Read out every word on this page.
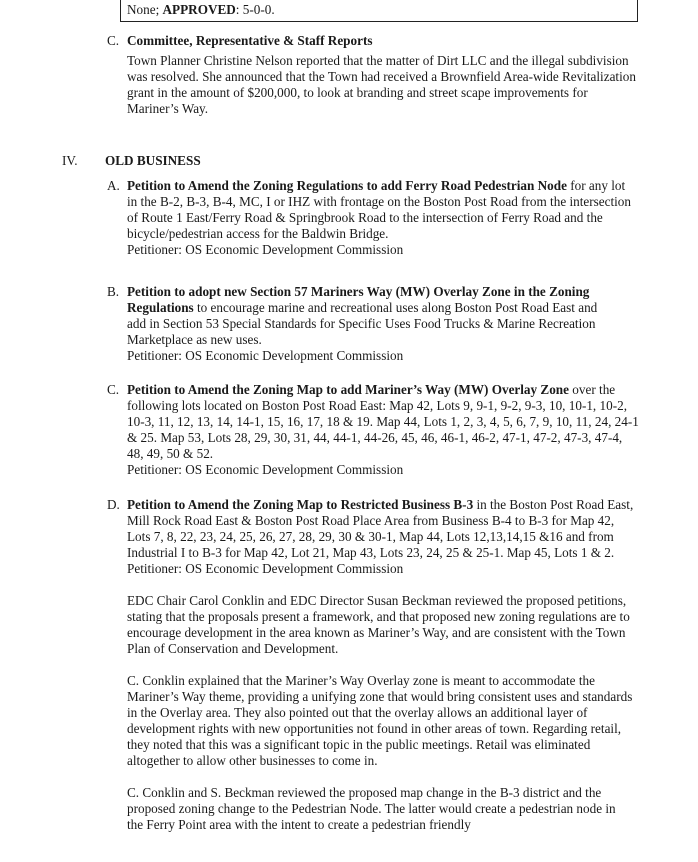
None; APPROVED: 5-0-0.
C. Committee, Representative & Staff Reports

Town Planner Christine Nelson reported that the matter of Dirt LLC and the illegal subdivision was resolved. She announced that the Town had received a Brownfield Area-wide Revitalization grant in the amount of $200,000, to look at branding and street scape improvements for Mariner’s Way.

IV. OLD BUSINESS
A. Petition to Amend the Zoning Regulations to add Ferry Road Pedestrian Node for any lot in the B-2, B-3, B-4, MC, I or IHZ with frontage on the Boston Post Road from the intersection of Route 1 East/Ferry Road & Springbrook Road to the intersection of Ferry Road and the bicycle/pedestrian access for the Baldwin Bridge.
Petitioner: OS Economic Development Commission
B. Petition to adopt new Section 57 Mariners Way (MW) Overlay Zone in the Zoning Regulations to encourage marine and recreational uses along Boston Post Road East and add in Section 53 Special Standards for Specific Uses Food Trucks & Marine Recreation Marketplace as new uses.
Petitioner: OS Economic Development Commission
C. Petition to Amend the Zoning Map to add Mariner’s Way (MW) Overlay Zone over the following lots located on Boston Post Road East: Map 42, Lots 9, 9-1, 9-2, 9-3, 10, 10-1, 10-2, 10-3, 11, 12, 13, 14, 14-1, 15, 16, 17, 18 & 19. Map 44, Lots 1, 2, 3, 4, 5, 6, 7, 9, 10, 11, 24, 24-1 & 25. Map 53, Lots 28, 29, 30, 31, 44, 44-1, 44-26, 45, 46, 46-1, 46-2, 47-1, 47-2, 47-3, 47-4, 48, 49, 50 & 52.
Petitioner: OS Economic Development Commission
D. Petition to Amend the Zoning Map to Restricted Business B-3 in the Boston Post Road East, Mill Rock Road East & Boston Post Road Place Area from Business B-4 to B-3 for Map 42, Lots 7, 8, 22, 23, 24, 25, 26, 27, 28, 29, 30 & 30-1, Map 44, Lots 12,13,14,15 &16 and from Industrial I to B-3 for Map 42, Lot 21, Map 43, Lots 23, 24, 25 & 25-1. Map 45, Lots 1 & 2.
Petitioner: OS Economic Development Commission

EDC Chair Carol Conklin and EDC Director Susan Beckman reviewed the proposed petitions, stating that the proposals present a framework, and that proposed new zoning regulations are to encourage development in the area known as Mariner’s Way, and are consistent with the Town Plan of Conservation and Development.

C. Conklin explained that the Mariner’s Way Overlay zone is meant to accommodate the Mariner’s Way theme, providing a unifying zone that would bring consistent uses and standards in the Overlay area. They also pointed out that the overlay allows an additional layer of development rights with new opportunities not found in other areas of town. Regarding retail, they noted that this was a significant topic in the public meetings. Retail was eliminated altogether to allow other businesses to come in.

C. Conklin and S. Beckman reviewed the proposed map change in the B-3 district and the proposed zoning change to the Pedestrian Node. The latter would create a pedestrian node in the Ferry Point area with the intent to create a pedestrian friendly
